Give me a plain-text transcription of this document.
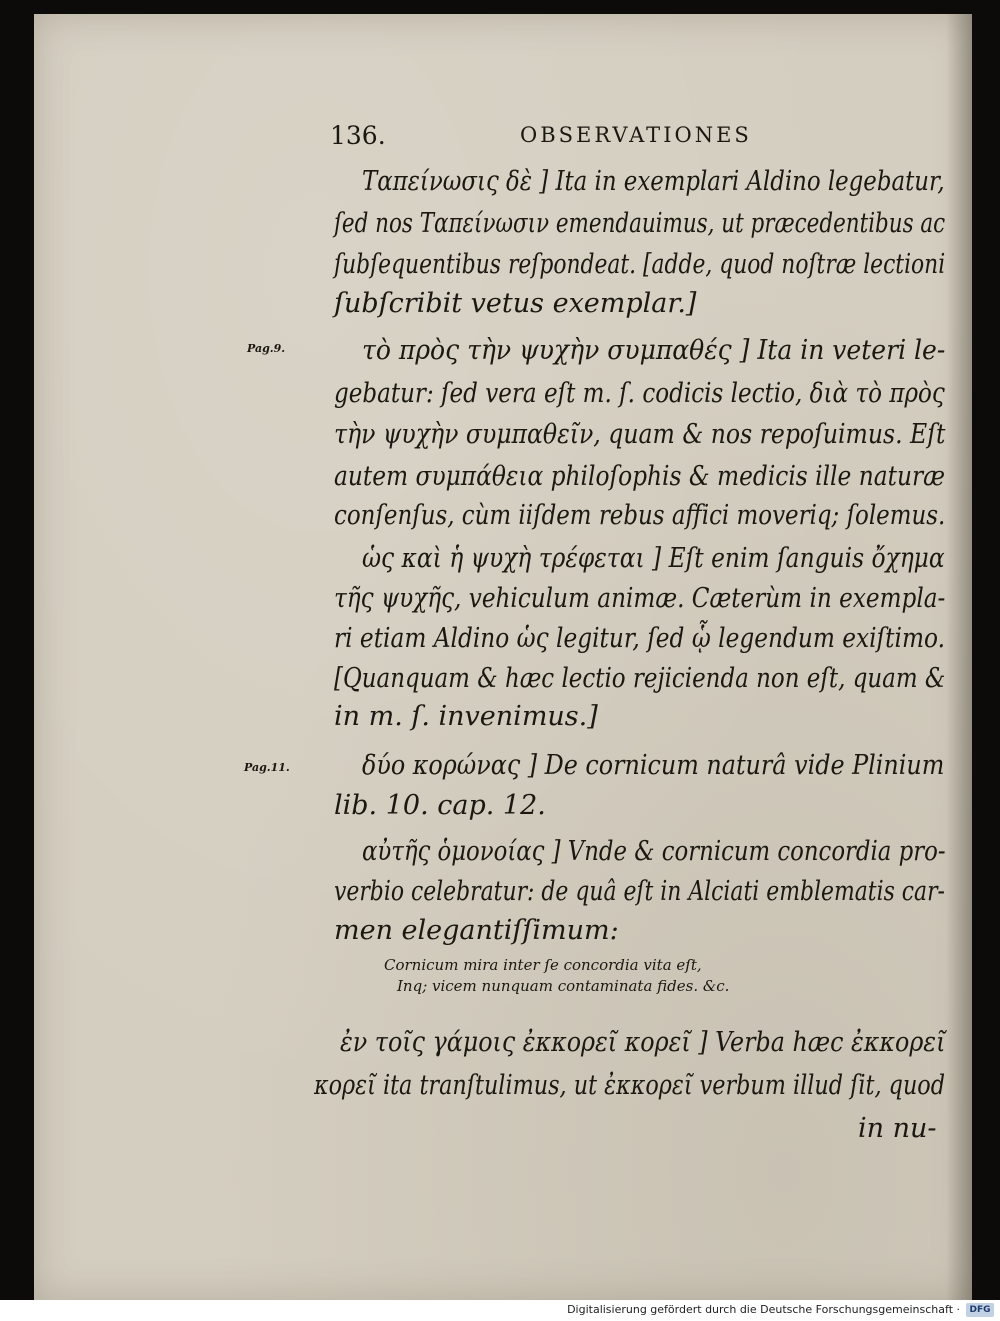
136.	OBSERVATIONES
Pag.9.
Pag.11.
Ταπείνωσις δὲ ] Ita in exemplari Aldino legebatur,
ſed nos Ταπείνωσιν emendauimus, ut præcedentibus ac
ſubſequentibus reſpondeat. [adde, quod noſtræ lectioni
ſubſcribit vetus exemplar.]
τὸ πρὸς τὴν ψυχὴν συμπαθές ] Ita in veteri le-
gebatur: ſed vera eſt m. ſ. codicis lectio, διὰ τὸ πρὸς
τὴν ψυχὴν συμπαθεῖν, quam & nos repoſuimus. Eſt
autem συμπάθεια philoſophis & medicis ille naturæ
conſenſus, cùm iiſdem rebus affici moveriq; ſolemus.
ὡς καὶ ἡ ψυχὴ τρέφεται ] Eſt enim ſanguis ὄχημα
τῆς ψυχῆς, vehiculum animæ. Cæterùm in exempla-
ri etiam Aldino ὡς legitur, ſed ᾧ legendum exiſtimo.
[Quanquam & hæc lectio rejicienda non eſt, quam &
in m. ſ. invenimus.]
δύο κορώνας ] De cornicum naturâ vide Plinium
lib. 10. cap. 12.
αὐτῆς ὁμονοίας ] Vnde & cornicum concordia pro-
verbio celebratur: de quâ eſt in Alciati emblematis car-
men elegantiſſimum:
Cornicum mira inter ſe concordia vita eſt,
Inq; vicem nunquam contaminata fides. &c.
ἐν τοῖς γάμοις ἐκκορεῖ κορεῖ ] Verba hæc ἐκκορεῖ
κορεῖ ita tranſtulimus, ut ἐκκορεῖ verbum illud ſit, quod
in nu-
Digitalisierung gefördert durch die Deutsche Forschungsgemeinschaft ·	DFG
